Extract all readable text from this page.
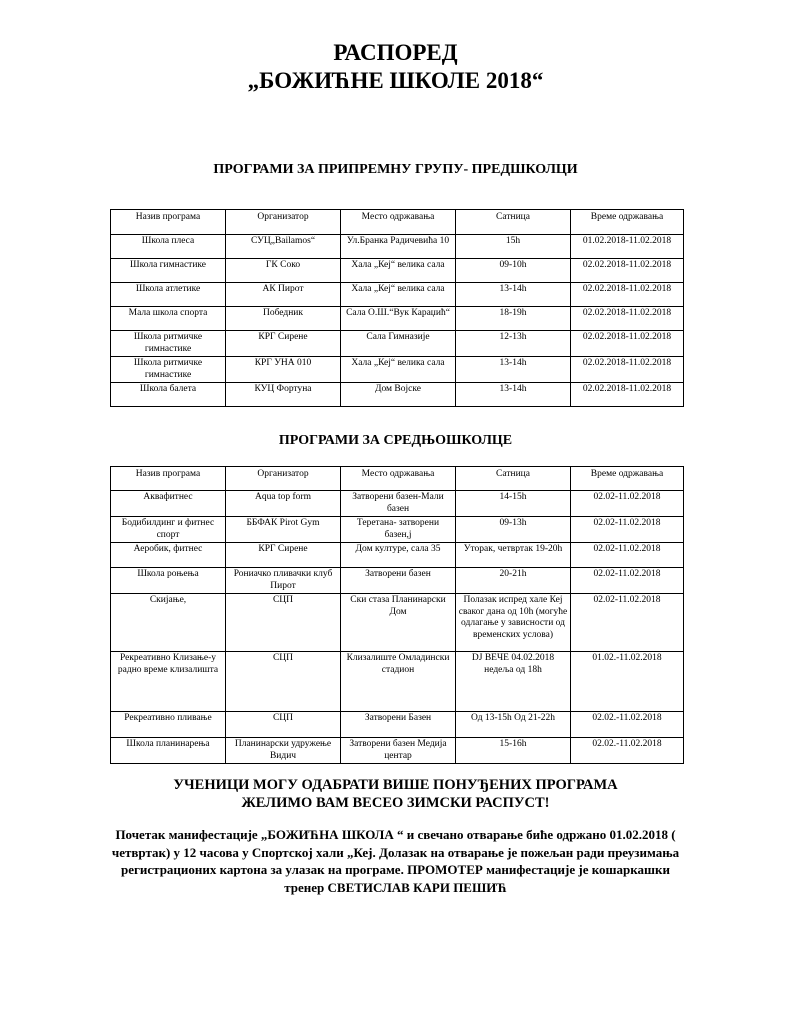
РАСПОРЕД
„БОЖИЋНЕ ШКОЛЕ 2018“
ПРОГРАМИ ЗА ПРИПРЕМНУ ГРУПУ- ПРЕДШКОЛЦИ
Назив програма	Организатор	Место одржавања	Сатница	Време одржавања
Школа плеса	СУЦ„Bailamos“	Ул.Бранка Радичевића 10	15h	01.02.2018-11.02.2018
Школа гимнастике	ГК Соко	Хала „Кеј“ велика сала	09-10h	02.02.2018-11.02.2018
Школа атлетике	АК Пирот	Хала „Кеј“ велика сала	13-14h	02.02.2018-11.02.2018
Мала школа спорта	Победник	Сала О.Ш.“Вук Караџић“	18-19h	02.02.2018-11.02.2018
Школа ритмичке гимнастике	КРГ Сирене	Сала Гимназије	12-13h	02.02.2018-11.02.2018
Школа ритмичке гимнастике	КРГ УНА 010	Хала „Кеј“ велика сала	13-14h	02.02.2018-11.02.2018
Школа балета	КУЦ Фортуна	Дом Војске	13-14h	02.02.2018-11.02.2018
ПРОГРАМИ ЗА СРЕДЊОШКОЛЦЕ
Назив програма	Организатор	Место одржавања	Сатница	Време одржавања
Аквафитнес	Aqua top form	Затворени базен-Мали базен	14-15h	02.02-11.02.2018
Бодибилдинг и фитнес спорт	ББФАК Pirot Gym	Теретана- затворени базен,ј	09-13h	02.02-11.02.2018
Аеробик, фитнес	КРГ Сирене	Дом културе, сала 35	Уторак, четвртак 19-20h	02.02-11.02.2018
Школа роњења	Рониачко пливачки клуб Пирот	Затворени базен	20-21h	02.02-11.02.2018
Скијање,	СЦП	Ски стаза Планинарски Дом	Полазак испред хале Кеј сваког дана од 10h (могуће одлагање у зависности од временских услова)	02.02-11.02.2018
Рекреативно Клизање-у радно време клизалишта	СЦП	Клизалиште Омладински стадион	DJ ВЕЧЕ 04.02.2018 недеља од 18h	01.02.-11.02.2018
Рекреативно пливање	СЦП	Затворени Базен	Од 13-15h Од 21-22h	02.02.-11.02.2018
Школа планинарења	Планинарски удружење Видич	Затворени базен Медија центар	15-16h	02.02.-11.02.2018
УЧЕНИЦИ МОГУ ОДАБРАТИ ВИШЕ ПОНУЂЕНИХ ПРОГРАМА
ЖЕЛИМО ВАМ ВЕСЕО ЗИМСКИ РАСПУСТ!
Почетак манифестације „БОЖИЋНА ШКОЛА “ и свечано отварање биће одржано 01.02.2018 ( четвртак) у 12 часова у Спортској хали „Кеј. Долазак на отварање је пожељан ради преузимања регистрационих картона за улазак на програме. ПРОМОТЕР манифестације је кошаркашки тренер СВЕТИСЛАВ КАРИ ПЕШИЋ
